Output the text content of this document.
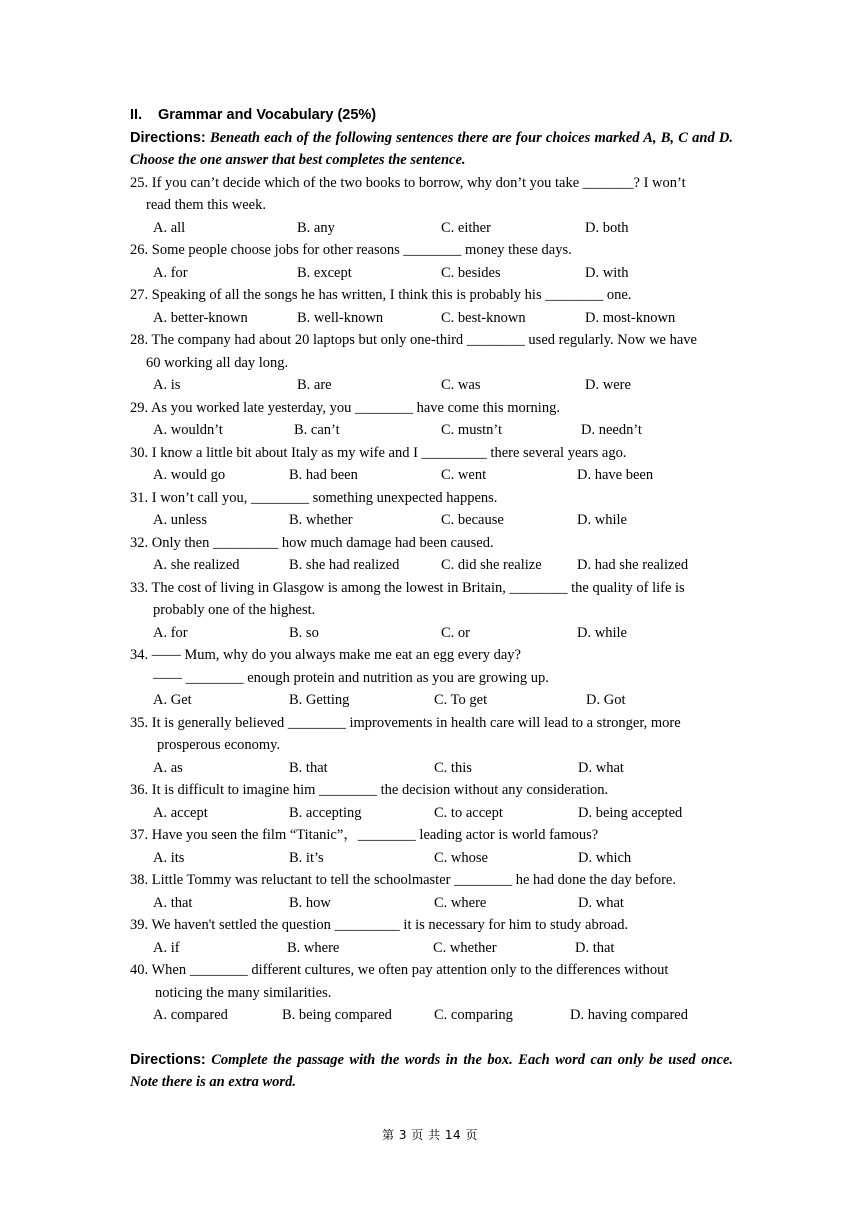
II. Grammar and Vocabulary (25%)
Directions: Beneath each of the following sentences there are four choices marked A, B, C and D. Choose the one answer that best completes the sentence.
25. If you can’t decide which of the two books to borrow, why don’t you take _______? I won’t
read them this week.
A. all	B. any	C. either	D. both
26. Some people choose jobs for other reasons ________ money these days.
A. for	B. except	C. besides	D. with
27. Speaking of all the songs he has written, I think this is probably his ________ one.
A. better-known	B. well-known	C. best-known	D. most-known
28. The company had about 20 laptops but only one-third ________ used regularly. Now we have
60 working all day long.
A. is	B. are	C. was	D. were
29. As you worked late yesterday, you ________ have come this morning.
A. wouldn’t	B. can’t	C. mustn’t	D. needn’t
30. I know a little bit about Italy as my wife and I _________ there several years ago.
A. would go	B. had been	C. went	D. have been
31. I won’t call you, ________ something unexpected happens.
A. unless	B. whether	C. because	D. while
32. Only then _________ how much damage had been caused.
A. she realized	B. she had realized	C. did she realize	D. had she realized
33. The cost of living in Glasgow is among the lowest in Britain, ________ the quality of life is
probably one of the highest.
A. for	B. so	C. or	D. while
34. —— Mum, why do you always make me eat an egg every day?
—— ________ enough protein and nutrition as you are growing up.
A. Get	B. Getting	C. To get	D. Got
35. It is generally believed ________ improvements in health care will lead to a stronger, more
prosperous economy.
A. as	B. that	C. this	D. what
36. It is difficult to imagine him ________ the decision without any consideration.
A. accept	B. accepting	C. to accept	D. being accepted
37. Have you seen the film “Titanic”，________ leading actor is world famous?
A. its	B. it’s	C. whose	D. which
38. Little Tommy was reluctant to tell the schoolmaster ________ he had done the day before.
A. that	B. how	C. where	D. what
39. We haven't settled the question _________ it is necessary for him to study abroad.
A. if	B. where	C. whether	D. that
40. When ________ different cultures, we often pay attention only to the differences without
noticing the many similarities.
A. compared	B. being compared	C. comparing	D. having compared
Directions: Complete the passage with the words in the box. Each word can only be used once. Note there is an extra word.
第 3 页 共 14 页
